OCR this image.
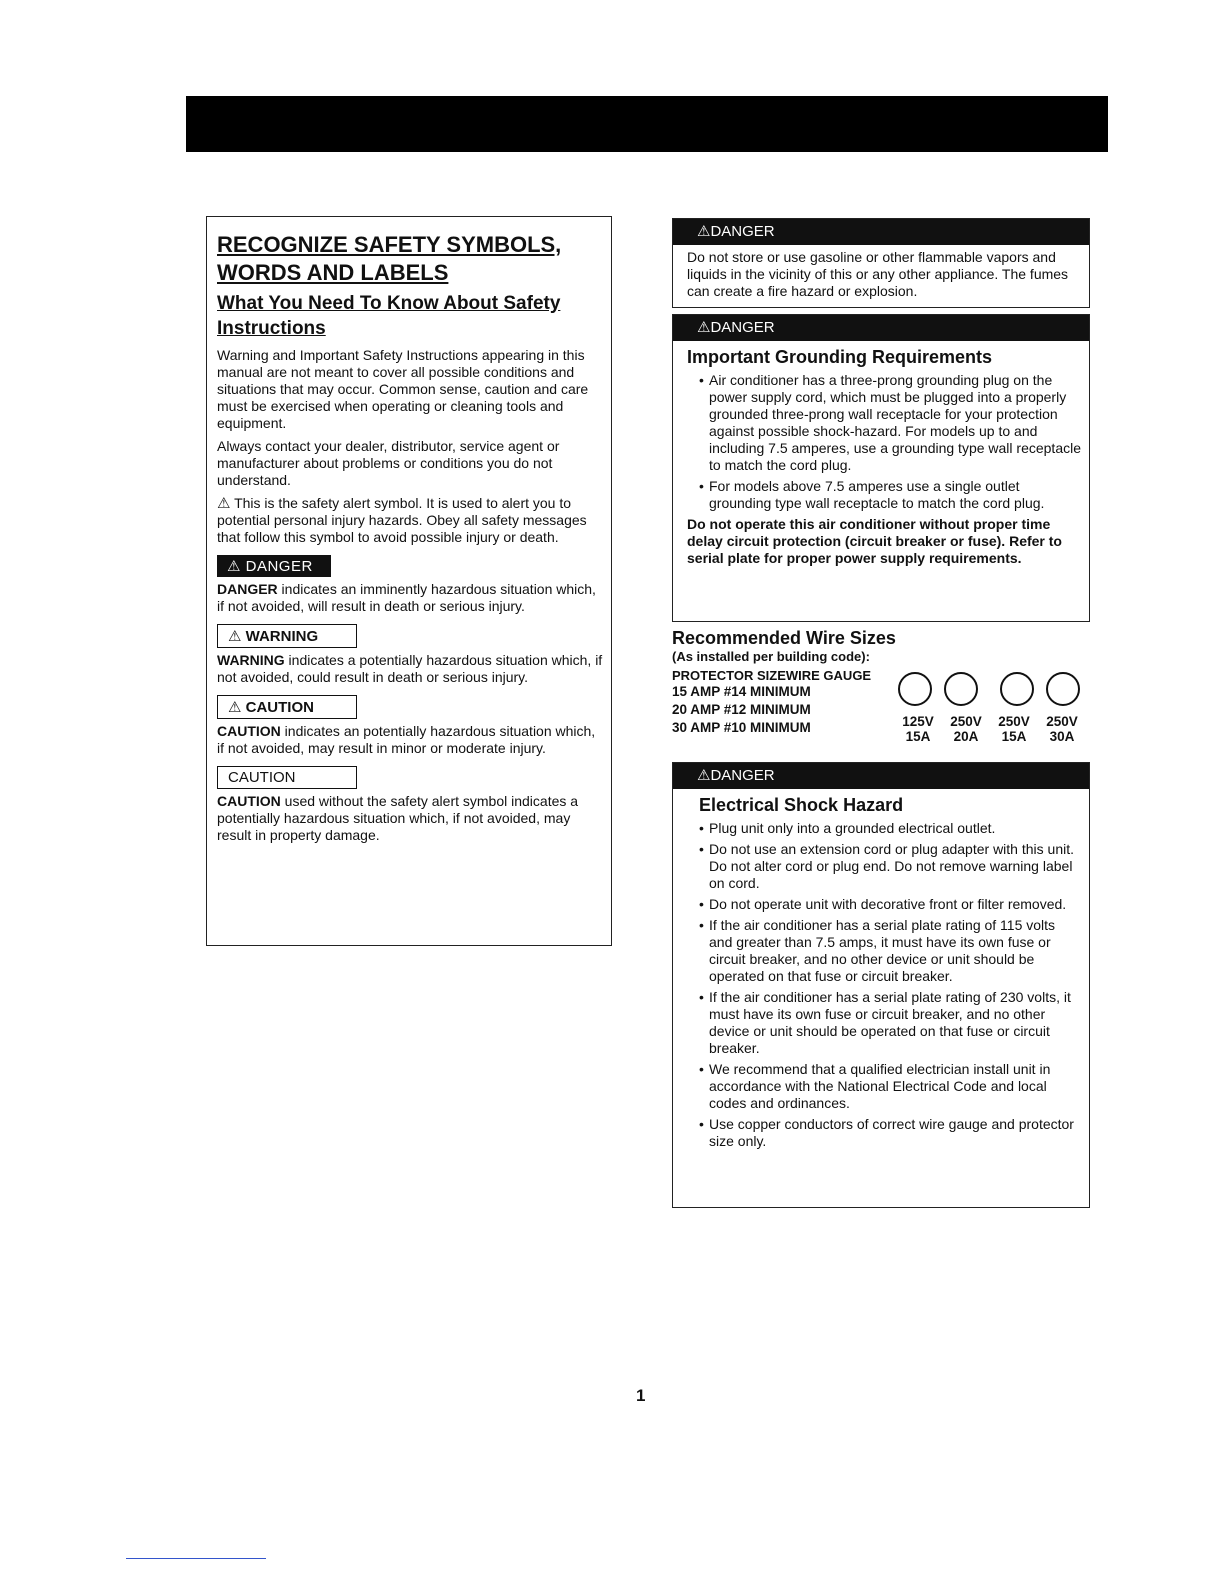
RECOGNIZE SAFETY SYMBOLS, WORDS AND LABELS
What You Need To Know About Safety Instructions

Warning and Important Safety Instructions appearing in this manual are not meant to cover all possible conditions and situations that may occur. Common sense, caution and care must be exercised when operating or cleaning tools and equipment.

Always contact your dealer, distributor, service agent or manufacturer about problems or conditions you do not understand.

⚠ This is the safety alert symbol. It is used to alert you to potential personal injury hazards. Obey all safety messages that follow this symbol to avoid possible injury or death.

⚠ DANGER

DANGER indicates an imminently hazardous situation which, if not avoided, will result in death or serious injury.

⚠ WARNING

WARNING indicates a potentially hazardous situation which, if not avoided, could result in death or serious injury.

⚠ CAUTION

CAUTION indicates an potentially hazardous situation which, if not avoided, may result in minor or moderate injury.

CAUTION

CAUTION used without the safety alert symbol indicates a potentially hazardous situation which, if not avoided, may result in property damage.

⚠DANGER
Do not store or use gasoline or other flammable vapors and liquids in the vicinity of this or any other appliance. The fumes can create a fire hazard or explosion.
⚠DANGER
Important Grounding Requirements
• Air conditioner has a three-prong grounding plug on the power supply cord, which must be plugged into a properly grounded three-prong wall receptacle for your protection against possible shock-hazard. For models up to and including 7.5 amperes, use a grounding type wall receptacle to match the cord plug.
• For models above 7.5 amperes use a single outlet grounding type wall receptacle to match the cord plug.
Do not operate this air conditioner without proper time delay circuit protection (circuit breaker or fuse). Refer to serial plate for proper power supply requirements.
Recommended Wire Sizes
(As installed per building code):
PROTECTOR SIZEWIRE GAUGE
15 AMP #14 MINIMUM
20 AMP #12 MINIMUM
30 AMP #10 MINIMUM	125V 250V 250V 250V
15A 20A 15A 30A
⚠DANGER
Electrical Shock Hazard
• Plug unit only into a grounded electrical outlet.
• Do not use an extension cord or plug adapter with this unit. Do not alter cord or plug end. Do not remove warning label on cord.
• Do not operate unit with decorative front or filter removed.
• If the air conditioner has a serial plate rating of 115 volts and greater than 7.5 amps, it must have its own fuse or circuit breaker, and no other device or unit should be operated on that fuse or circuit breaker.
• If the air conditioner has a serial plate rating of 230 volts, it must have its own fuse or circuit breaker, and no other device or unit should be operated on that fuse or circuit breaker.
• We recommend that a qualified electrician install unit in accordance with the National Electrical Code and local codes and ordinances.
• Use copper conductors of correct wire gauge and protector size only.
1
